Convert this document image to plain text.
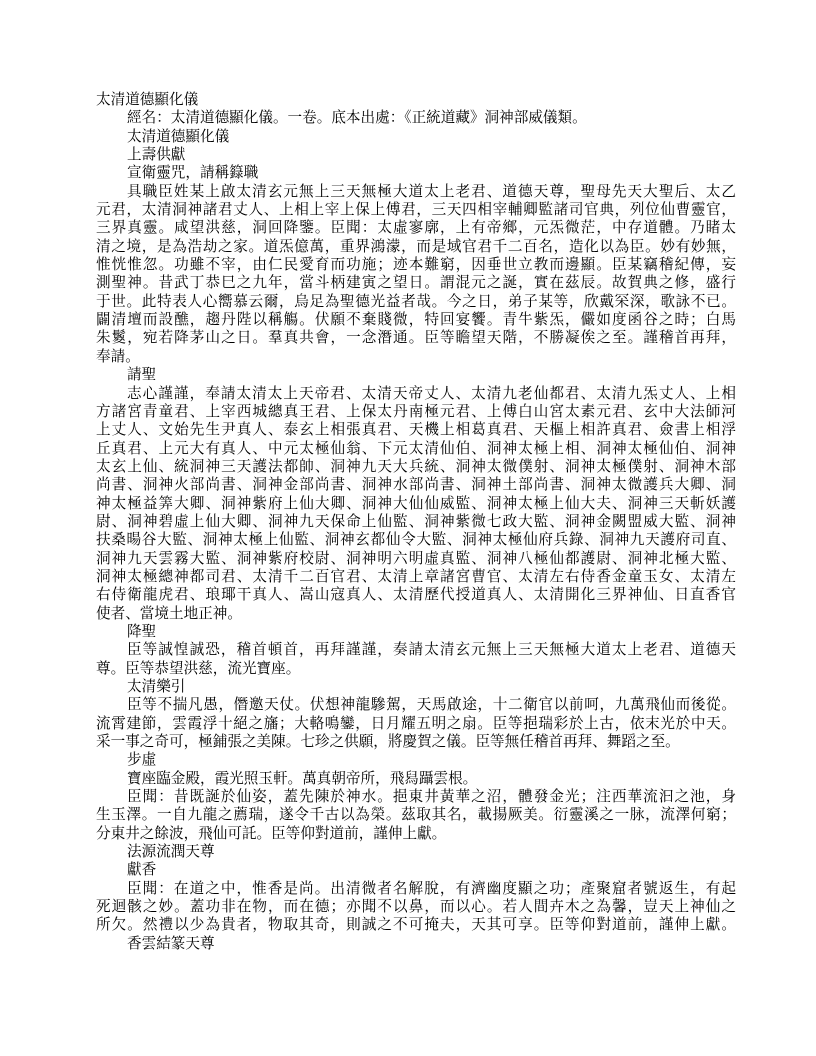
太清道德顯化儀
經名：太清道德顯化儀。一卷。底本出處：《正統道藏》洞神部威儀類。
太清道德顯化儀
上壽供獻
宣衛靈咒，請稱籙職
具職臣姓某上啟太清玄元無上三天無極大道太上老君、道德天尊，聖母先天大聖后、太乙
元君，太清洞神諸君丈人、上相上宰上保上傅君，三天四相宰輔卿監諸司官典，列位仙曹靈官，
三界真靈。咸望洪慈，洞回降鑒。臣聞：太虛寥廓，上有帝鄉，元炁微茫，中存道體。乃睹太
清之境，是為浩劫之家。道炁億萬，重界鴻濛，而是域官君千二百名，造化以為臣。妙有妙無，
惟恍惟忽。功雖不宰，由仁民愛育而功施；迹本難窮，因垂世立教而邊顯。臣某竊稽紀傳，妄
測聖神。昔武丁恭巳之九年，當斗柄建寅之望日。謂混元之誕，實在茲辰。故賀典之修，盛行
于世。此特表人心嚮慕云爾，烏足為聖德光益者哉。今之日，弟子某等，欣戴罙深，歌詠不已。
闢清壇而設醮，趨丹陛以稱觴。伏願不棄賤微，特回宴饗。青牛紫炁，儼如度函谷之時；白馬
朱鬉，宛若降茅山之日。羣真共會，一念潛通。臣等瞻望天階，不勝凝俟之至。謹稽首再拜，
奉請。
請聖
志心謹謹，奉請太清太上天帝君、太清天帝丈人、太清九老仙都君、太清九炁丈人、上相
方諸宮青童君、上宰西城總真王君、上保太丹南極元君、上傅白山宮太素元君、玄中大法師河
上丈人、文始先生尹真人、泰玄上相張真君、天機上相葛真君、天樞上相許真君、僉書上相浮
丘真君、上元大有真人、中元太極仙翁、下元太清仙伯、洞神太極上相、洞神太極仙伯、洞神
太玄上仙、統洞神三天護法都帥、洞神九天大兵統、洞神太微僕射、洞神太極僕射、洞神木部
尚書、洞神火部尚書、洞神金部尚書、洞神水部尚書、洞神土部尚書、洞神太微護兵大卿、洞
神太極益筭大卿、洞神紫府上仙大卿、洞神大仙仙威監、洞神太極上仙大夫、洞神三天斬妖護
尉、洞神碧虛上仙大卿、洞神九天保命上仙監、洞神紫微七政大監、洞神金闕盟威大監、洞神
扶桑暘谷大監、洞神太極上仙監、洞神玄都仙令大監、洞神太極仙府兵錄、洞神九天護府司直、
洞神九天雲霧大監、洞神紫府校尉、洞神明六明虛真監、洞神八極仙都護尉、洞神北極大監、
洞神太極總神都司君、太清千二百官君、太清上章諸宮曹官、太清左右侍香金童玉女、太清左
右侍衛龍虎君、琅瑘干真人、嵩山寇真人、太清歷代授道真人、太清開化三界神仙、日直香官
使者、當境土地正神。
降聖
臣等誠惶誠恐，稽首頓首，再拜謹謹，奏請太清玄元無上三天無極大道太上老君、道德天
尊。臣等恭望洪慈，流光寶座。
太清樂引
臣等不揣凡愚，僭邀天仗。伏想神龍驂駕，天馬啟途，十二衛官以前呵，九萬飛仙而後從。
流霄建節，雲霞浮十絕之旛；大輅鳴鑾，日月耀五明之扇。臣等挹瑞彩於上古，依末光於中天。
采一事之奇可，極鋪張之美陳。七珍之供願，將慶賀之儀。臣等無任稽首再拜、舞蹈之至。
步虛
寶座臨金殿，霞光照玉軒。萬真朝帝所，飛舄躡雲根。
臣聞：昔既誕於仙姿，蓋先陳於神水。挹東井黃華之沼，體發金光；注西華流汩之池，身
生玉澤。一自九龍之薦瑞，遂令千古以為榮。茲取其名，載揚厥美。衍靈溪之一脉，流澤何窮；
分東井之餘波，飛仙可託。臣等仰對道前，謹伸上獻。
法源流潤天尊
獻香
臣聞：在道之中，惟香是尚。出清微者名解脫，有濟幽度顯之功；產聚窟者號返生，有起
死迴骸之妙。蓋功非在物，而在德；亦聞不以鼻，而以心。若人間卉木之為馨，豈天上神仙之
所欠。然禮以少為貴者，物取其奇，則誠之不可掩夫，天其可享。臣等仰對道前，謹伸上獻。
香雲結篆天尊
